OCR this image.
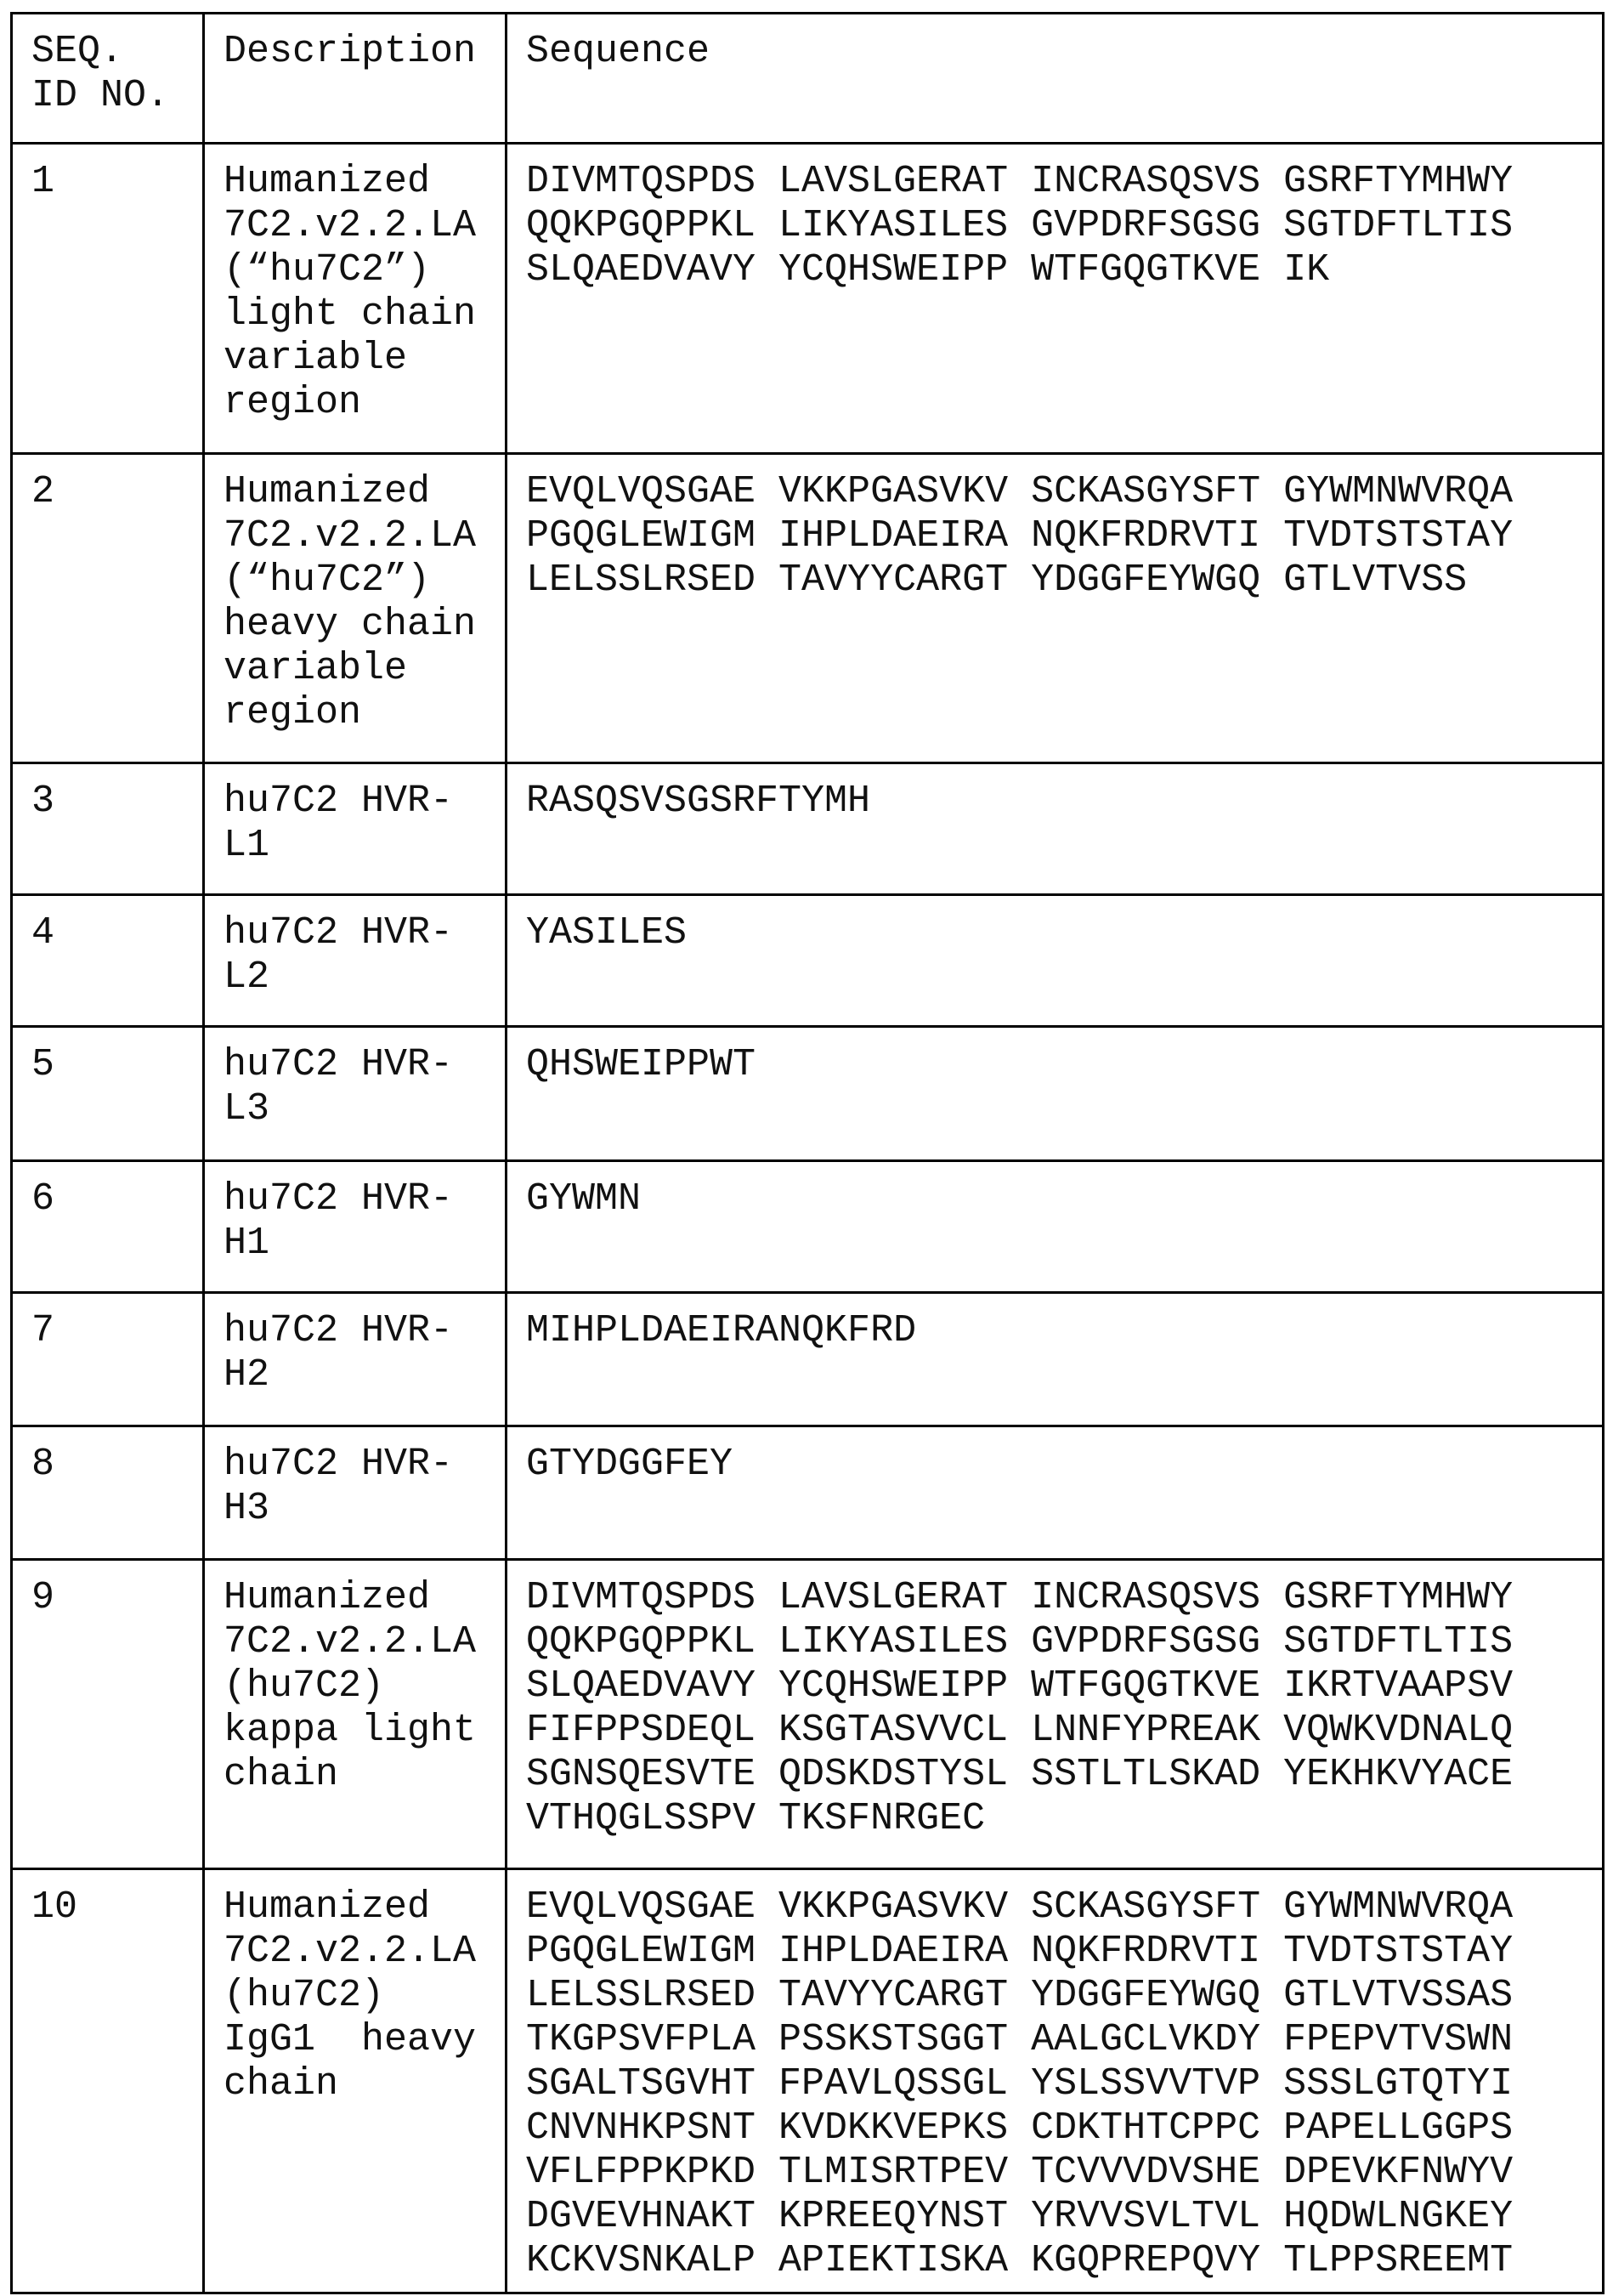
SEQ.
ID NO.	Description	Sequence
1	Humanized
7C2.v2.2.LA
(“hu7C2”)
light chain
variable
region	DIVMTQSPDS LAVSLGERAT INCRASQSVS GSRFTYMHWY
QQKPGQPPKL LIKYASILES GVPDRFSGSG SGTDFTLTIS
SLQAEDVAVY YCQHSWEIPP WTFGQGTKVE IK
2	Humanized
7C2.v2.2.LA
(“hu7C2”)
heavy chain
variable
region	EVQLVQSGAE VKKPGASVKV SCKASGYSFT GYWMNWVRQA
PGQGLEWIGM IHPLDAEIRA NQKFRDRVTI TVDTSTSTAY
LELSSLRSED TAVYYCARGT YDGGFEYWGQ GTLVTVSS
3	hu7C2 HVR-
L1	RASQSVSGSRFTYMH
4	hu7C2 HVR-
L2	YASILES
5	hu7C2 HVR-
L3	QHSWEIPPWT
6	hu7C2 HVR-
H1	GYWMN
7	hu7C2 HVR-
H2	MIHPLDAEIRANQKFRD
8	hu7C2 HVR-
H3	GTYDGGFEY
9	Humanized
7C2.v2.2.LA
(hu7C2)
kappa light
chain	DIVMTQSPDS LAVSLGERAT INCRASQSVS GSRFTYMHWY
QQKPGQPPKL LIKYASILES GVPDRFSGSG SGTDFTLTIS
SLQAEDVAVY YCQHSWEIPP WTFGQGTKVE IKRTVAAPSV
FIFPPSDEQL KSGTASVVCL LNNFYPREAK VQWKVDNALQ
SGNSQESVTE QDSKDSTYSL SSTLTLSKAD YEKHKVYACE
VTHQGLSSPV TKSFNRGEC
10	Humanized
7C2.v2.2.LA
(hu7C2)
IgG1  heavy
chain	EVQLVQSGAE VKKPGASVKV SCKASGYSFT GYWMNWVRQA
PGQGLEWIGM IHPLDAEIRA NQKFRDRVTI TVDTSTSTAY
LELSSLRSED TAVYYCARGT YDGGFEYWGQ GTLVTVSSAS
TKGPSVFPLA PSSKSTSGGT AALGCLVKDY FPEPVTVSWN
SGALTSGVHT FPAVLQSSGL YSLSSVVTVP SSSLGTQTYI
CNVNHKPSNT KVDKKVEPKS CDKTHTCPPC PAPELLGGPS
VFLFPPKPKD TLMISRTPEV TCVVVDVSHE DPEVKFNWYV
DGVEVHNAKT KPREEQYNST YRVVSVLTVL HQDWLNGKEY
KCKVSNKALP APIEKTISKA KGQPREPQVY TLPPSREEMT
